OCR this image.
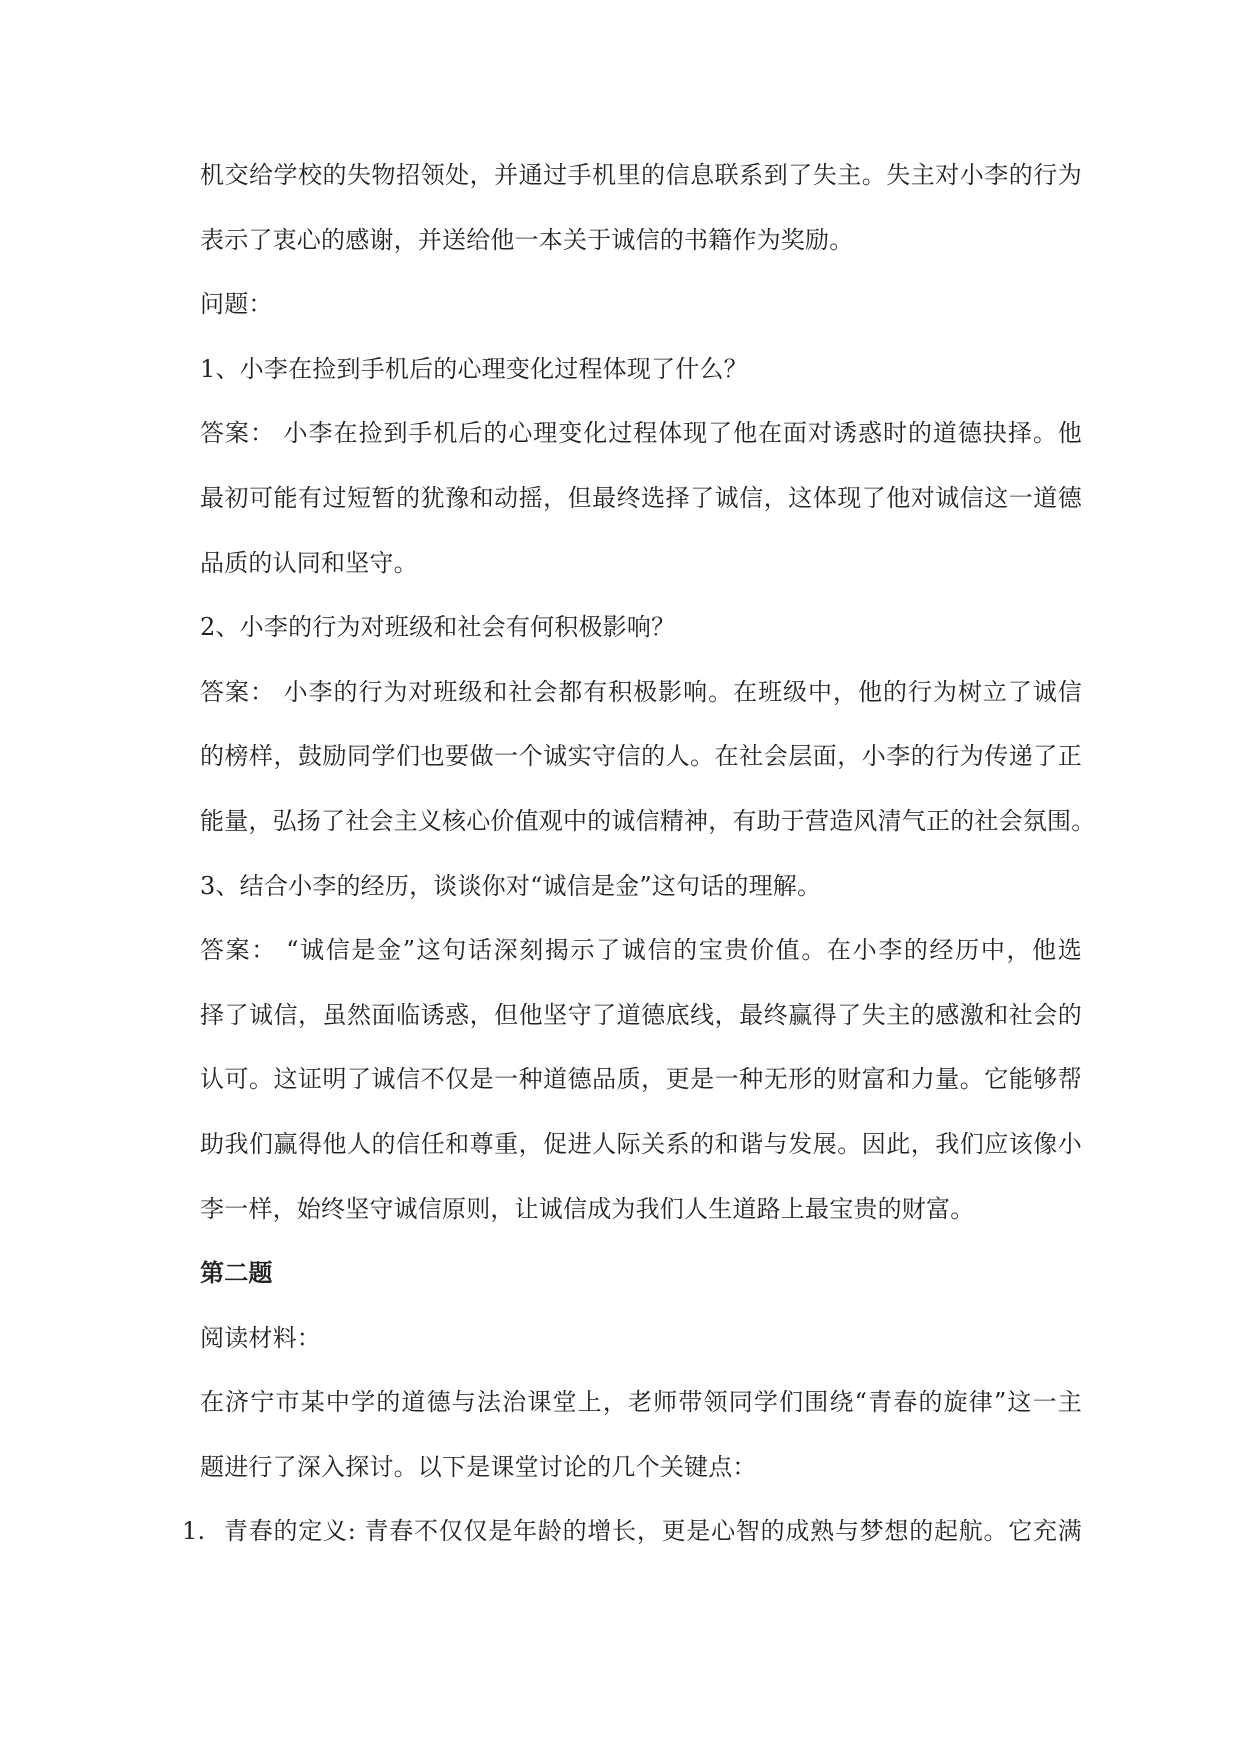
机交给学校的失物招领处，并通过手机里的信息联系到了失主。失主对小李的行为
表示了衷心的感谢，并送给他一本关于诚信的书籍作为奖励。
问题：
1、小李在捡到手机后的心理变化过程体现了什么？
答案： 小李在捡到手机后的心理变化过程体现了他在面对诱惑时的道德抉择。他
最初可能有过短暂的犹豫和动摇，但最终选择了诚信，这体现了他对诚信这一道德
品质的认同和坚守。
2、小李的行为对班级和社会有何积极影响？
答案： 小李的行为对班级和社会都有积极影响。在班级中，他的行为树立了诚信
的榜样，鼓励同学们也要做一个诚实守信的人。在社会层面，小李的行为传递了正
能量，弘扬了社会主义核心价值观中的诚信精神，有助于营造风清气正的社会氛围。
3、结合小李的经历，谈谈你对“诚信是金”这句话的理解。
答案： “诚信是金”这句话深刻揭示了诚信的宝贵价值。在小李的经历中，他选
择了诚信，虽然面临诱惑，但他坚守了道德底线，最终赢得了失主的感激和社会的
认可。这证明了诚信不仅是一种道德品质，更是一种无形的财富和力量。它能够帮
助我们赢得他人的信任和尊重，促进人际关系的和谐与发展。因此，我们应该像小
李一样，始终坚守诚信原则，让诚信成为我们人生道路上最宝贵的财富。
第二题
阅读材料：
在济宁市某中学的道德与法治课堂上，老师带领同学们围绕“青春的旋律”这一主
题进行了深入探讨。以下是课堂讨论的几个关键点：
1. 青春的定义: 青春不仅仅是年龄的增长，更是心智的成熟与梦想的起航。它充满
